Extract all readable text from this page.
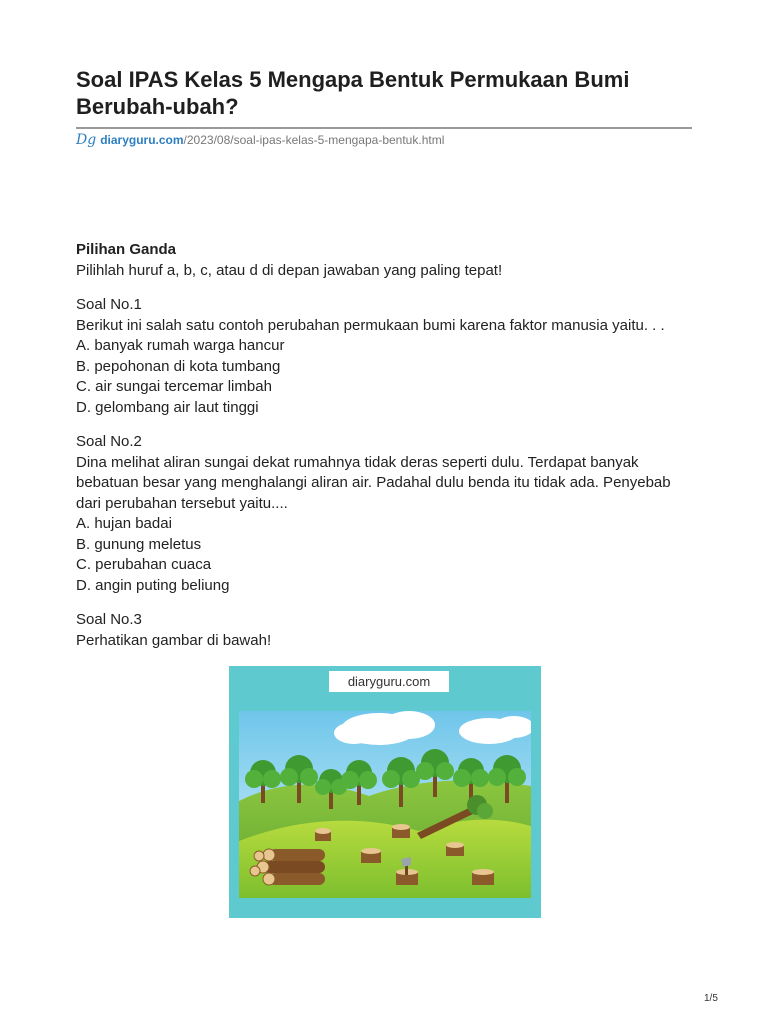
Soal IPAS Kelas 5 Mengapa Bentuk Permukaan Bumi Berubah-ubah?
Dg diaryguru.com /2023/08/soal-ipas-kelas-5-mengapa-bentuk.html

Pilihan Ganda

Pilihlah huruf a, b, c, atau d di depan jawaban yang paling tepat!

Soal No.1

Berikut ini salah satu contoh perubahan permukaan bumi karena faktor manusia yaitu. . .

A. banyak rumah warga hancur

B. pepohonan di kota tumbang

C. air sungai tercemar limbah

D. gelombang air laut tinggi

Soal No.2

Dina melihat aliran sungai dekat rumahnya tidak deras seperti dulu. Terdapat banyak bebatuan besar yang menghalangi aliran air. Padahal dulu benda itu tidak ada. Penyebab dari perubahan tersebut yaitu....

A. hujan badai

B. gunung meletus

C. perubahan cuaca

D. angin puting beliung

Soal No.3

Perhatikan gambar di bawah!

diaryguru.com
1/5
